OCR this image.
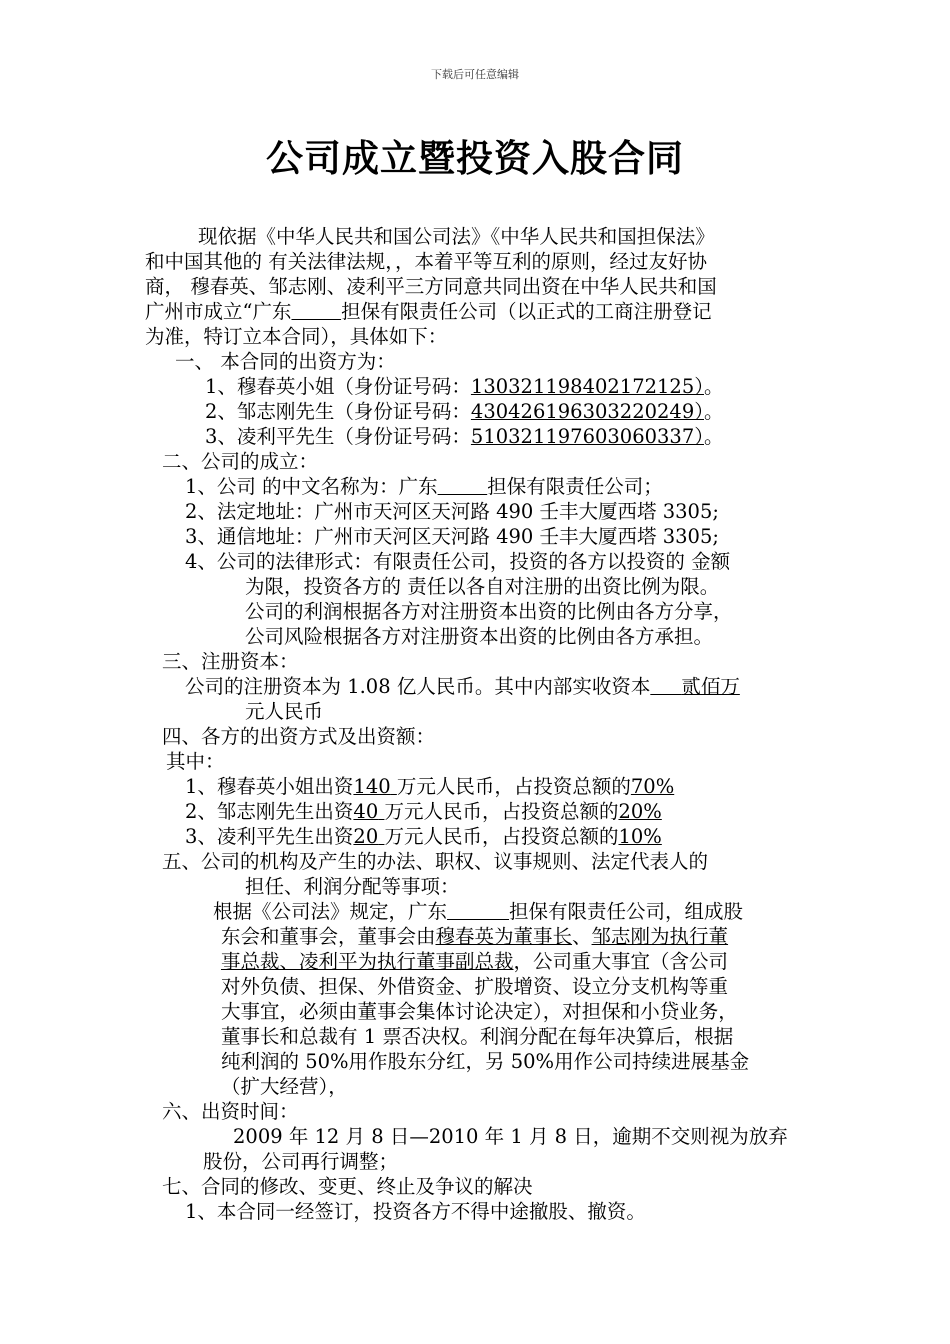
下载后可任意编辑
公司成立暨投资入股合同
现依据《中华人民共和国公司法》《中华人民共和国担保法》
和中国其他的 有关法律法规，，本着平等互利的原则，经过友好协
商， 穆春英、邹志刚、凌利平三方同意共同出资在中华人民共和国
广州市成立“广东	担保有限责任公司（以正式的工商注册登记
为准，特订立本合同），具体如下：
一、 本合同的出资方为：
1、穆春英小姐（身份证号码：130321198402172125）。
2、邹志刚先生（身份证号码：430426196303220249）。
3、凌利平先生（身份证号码：510321197603060337）。
二、公司的成立：
1、公司 的中文名称为：广东	担保有限责任公司；
2、法定地址：广州市天河区天河路 490 壬丰大厦西塔 3305;
3、通信地址：广州市天河区天河路 490 壬丰大厦西塔 3305;
4、公司的法律形式：有限责任公司，投资的各方以投资的 金额
为限，投资各方的 责任以各自对注册的出资比例为限。
公司的利润根据各方对注册资本出资的比例由各方分享，
公司风险根据各方对注册资本出资的比例由各方承担。
三、注册资本：
公司的注册资本为 1.08 亿人民币。其中内部实收资本 贰佰万
元人民币
四、各方的出资方式及出资额：
其中：
1、穆春英小姐出资140 万元人民币，占投资总额的70%
2、邹志刚先生出资40 万元人民币，占投资总额的20%
3、凌利平先生出资20 万元人民币，占投资总额的10%
五、公司的机构及产生的办法、职权、议事规则、法定代表人的
担任、利润分配等事项：
根据《公司法》规定，广东	担保有限责任公司，组成股
东会和董事会，董事会由穆春英为董事长、邹志刚为执行董
事总裁、凌利平为执行董事副总裁，公司重大事宜（含公司
对外负债、担保、外借资金、扩股增资、设立分支机构等重
大事宜，必须由董事会集体讨论决定），对担保和小贷业务，
董事长和总裁有 1 票否决权。利润分配在每年决算后，根据
纯利润的 50%用作股东分红，另 50%用作公司持续进展基金
（扩大经营），
六、出资时间：
2009 年 12 月 8 日—2010 年 1 月 8 日，逾期不交则视为放弃
股份，公司再行调整；
七、合同的修改、变更、终止及争议的解决
1、本合同一经签订，投资各方不得中途撤股、撤资。
